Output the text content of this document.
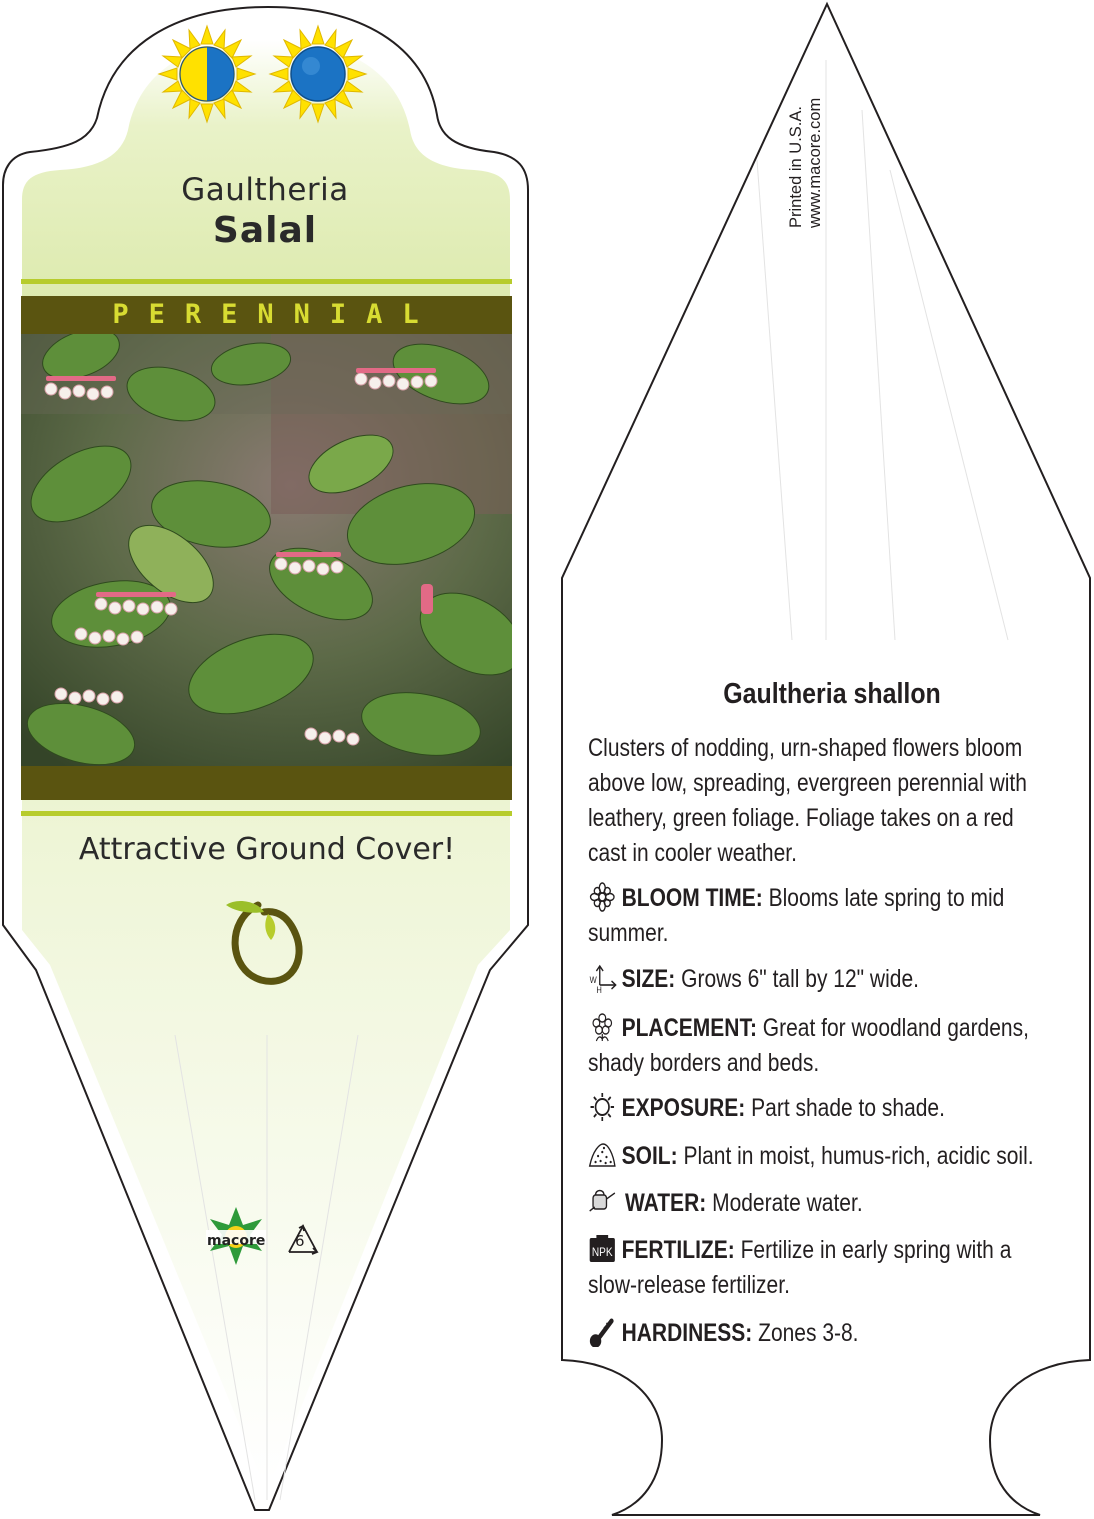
Gaultheria
Salal
PERENNIAL
Attractive Ground Cover!
macore 6
Printed in U.S.A. www.macore.com
Gaultheria shallon
Clusters of nodding, urn-shaped flowers bloom above low, spreading, evergreen perennial with leathery, green foliage. Foliage takes on a red cast in cooler weather.
BLOOM TIME: Blooms late spring to mid summer.
W
H SIZE: Grows 6" tall by 12" wide.
PLACEMENT: Great for woodland gardens, shady borders and beds.
EXPOSURE: Part shade to shade.
SOIL: Plant in moist, humus-rich, acidic soil.
WATER: Moderate water.
NPK FERTILIZE: Fertilize in early spring with a slow-release fertilizer.
HARDINESS: Zones 3-8.
